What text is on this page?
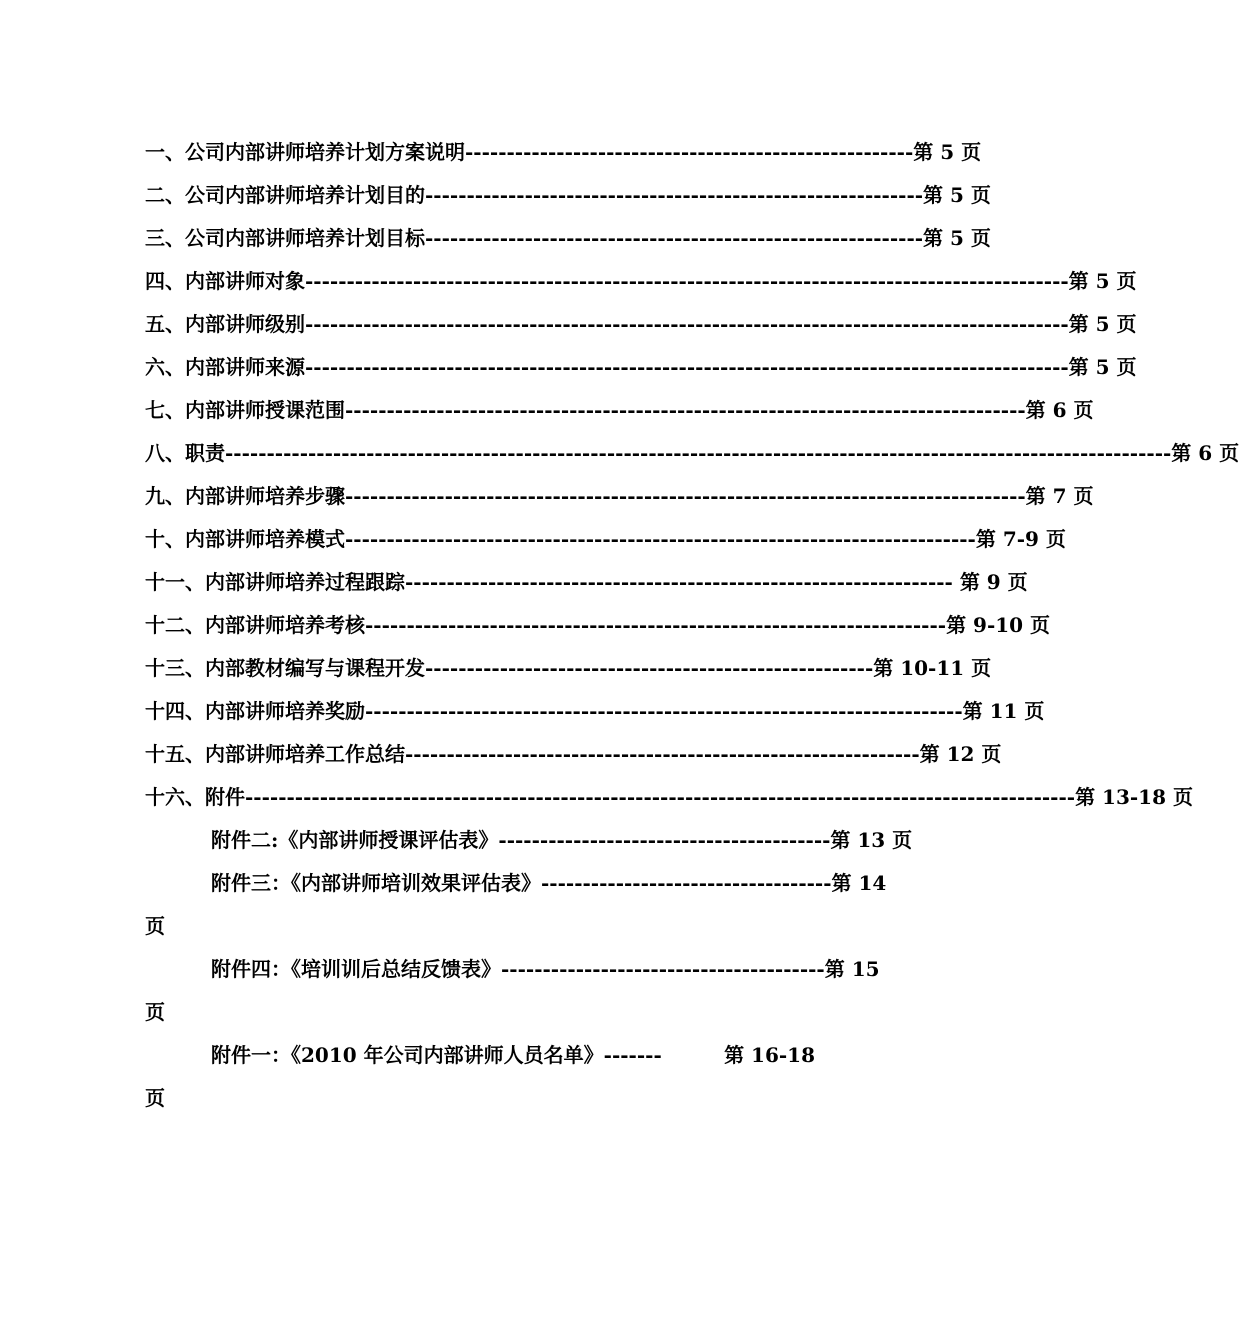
一、 公司内部讲师培养计划方案说明 ------------------------------------------------------ 第 5 页
二、 公司内部讲师培养计划目的 ------------------------------------------------------------ 第 5 页
三、 公司内部讲师培养计划目标 ------------------------------------------------------------ 第 5 页
四、 内部讲师对象 -------------------------------------------------------------------------------------------- 第 5 页
五、 内部讲师级别 -------------------------------------------------------------------------------------------- 第 5 页
六、 内部讲师来源 -------------------------------------------------------------------------------------------- 第 5 页
七、 内部讲师授课范围 ---------------------------------------------------------------------------------- 第 6 页
八、 职责 ------------------------------------------------------------------------------------------------------------------ 第 6 页
九、 内部讲师培养步骤 ---------------------------------------------------------------------------------- 第 7 页
十、 内部讲师培养模式 ---------------------------------------------------------------------------- 第 7-9 页
十一、 内部讲师培养过程跟踪 ------------------------------------------------------------------ 第 9 页
十二、 内部讲师培养考核 ---------------------------------------------------------------------- 第 9-10 页
十三、 内部教材编写与课程开发 ------------------------------------------------------ 第 10-11 页
十四、 内部讲师培养奖励 ------------------------------------------------------------------------ 第 11 页
十五、 内部讲师培养工作总结 -------------------------------------------------------------- 第 12 页
十六、 附件 ---------------------------------------------------------------------------------------------------- 第 13-18 页
附件二:《内部讲师授课评估表》 ---------------------------------------- 第 13 页
附件三：《内部讲师培训效果评估表》 ----------------------------------- 第 14
页
附件四：《培训训后总结反馈表》 --------------------------------------- 第 15
页
附件一：《2010 年公司内部讲师人员名单》 -------	第 16-18
页
